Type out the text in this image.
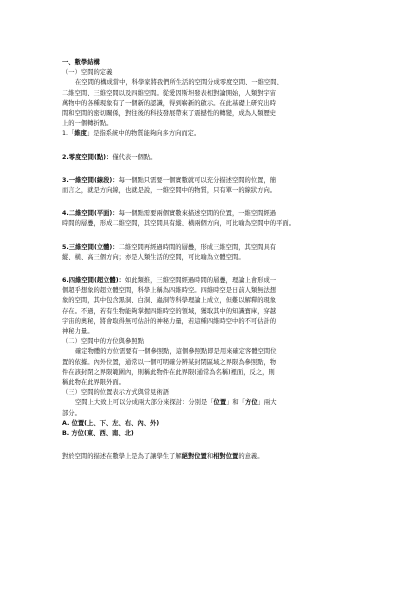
一、數學結構
（一）空間的定義
在空間的構成當中，科學家將我們所生活的空間分成零度空間、一維空間、
二維空間、三維空間以及四維空間。從愛因斯坦發表相對論開始，人類對宇宙
萬物中的各種現象有了一個新的認識，得到嶄新的啟示。在此基礎上研究出時
間和空間的密切關係，對往後的科技發展帶來了震撼性的轉變，成為人類歷史
上的一個轉折點。
1.「維度」是指系統中的物質能夠向多方向而定。
2.零度空間(點)：僅代表一個點。
3.一維空間(線段)：每一個點只需要一個實數就可以充分描述空間的位置，簡
而言之，就是方向線，也就是說，一維空間中的物質，只有單一的線狀方向。
4.二維空間(平面)：每一個點需要兩個實數來描述空間的位置，一維空間經過
時間的層疊，形成二維空間，其空間具有縱、橫兩個方向，可比喻為空間中的平面。
5.三維空間(立體)：二維空間再經過時間的層疊，形成三維空間，其空間具有
縱、橫、高三個方向；亦是人類生活的空間，可比喻為立體空間。
6.四維空間(超立體)：如此類推，三維空間經過時間的層疊，理論上會形成一
個超乎想象的超立體空間，科學上稱為四維時空。四維時空是日前人類無法想
象的空間，其中包含黑洞、白洞、蟲洞等科學理論上成立，但難以解釋的現象
存在。不過，若有生物能夠掌握四維時空的領域，獲取其中的知識寶庫，穿越
宇宙的奧秘，將會取得無可估計的神秘力量，若這種四維時空中的不可估計的
神秘力量。
（二）空間中的方位與參照點
確定物體的方位需要有一個參照點，這個參照點即是用來確定客體空間位
置的依據。內外位置，通常以一個可明確分辨某封閉區域之界限為參照點，物
件在該封閉之界限範圍內，則稱此物件在此界限(通常為名稱)裡面，反之，則
稱此物在此界限外面。
（三）空間的位置表示方式與常見術語
空間上大致上可以分成兩大部分來探討：分別是「位置」和「方位」兩大
部分。
A. 位置(上、下、左、右、內、外)
B. 方位(東、西、南、北)
對於空間的描述在數學上是為了讓學生了解絕對位置和相對位置的意義。
